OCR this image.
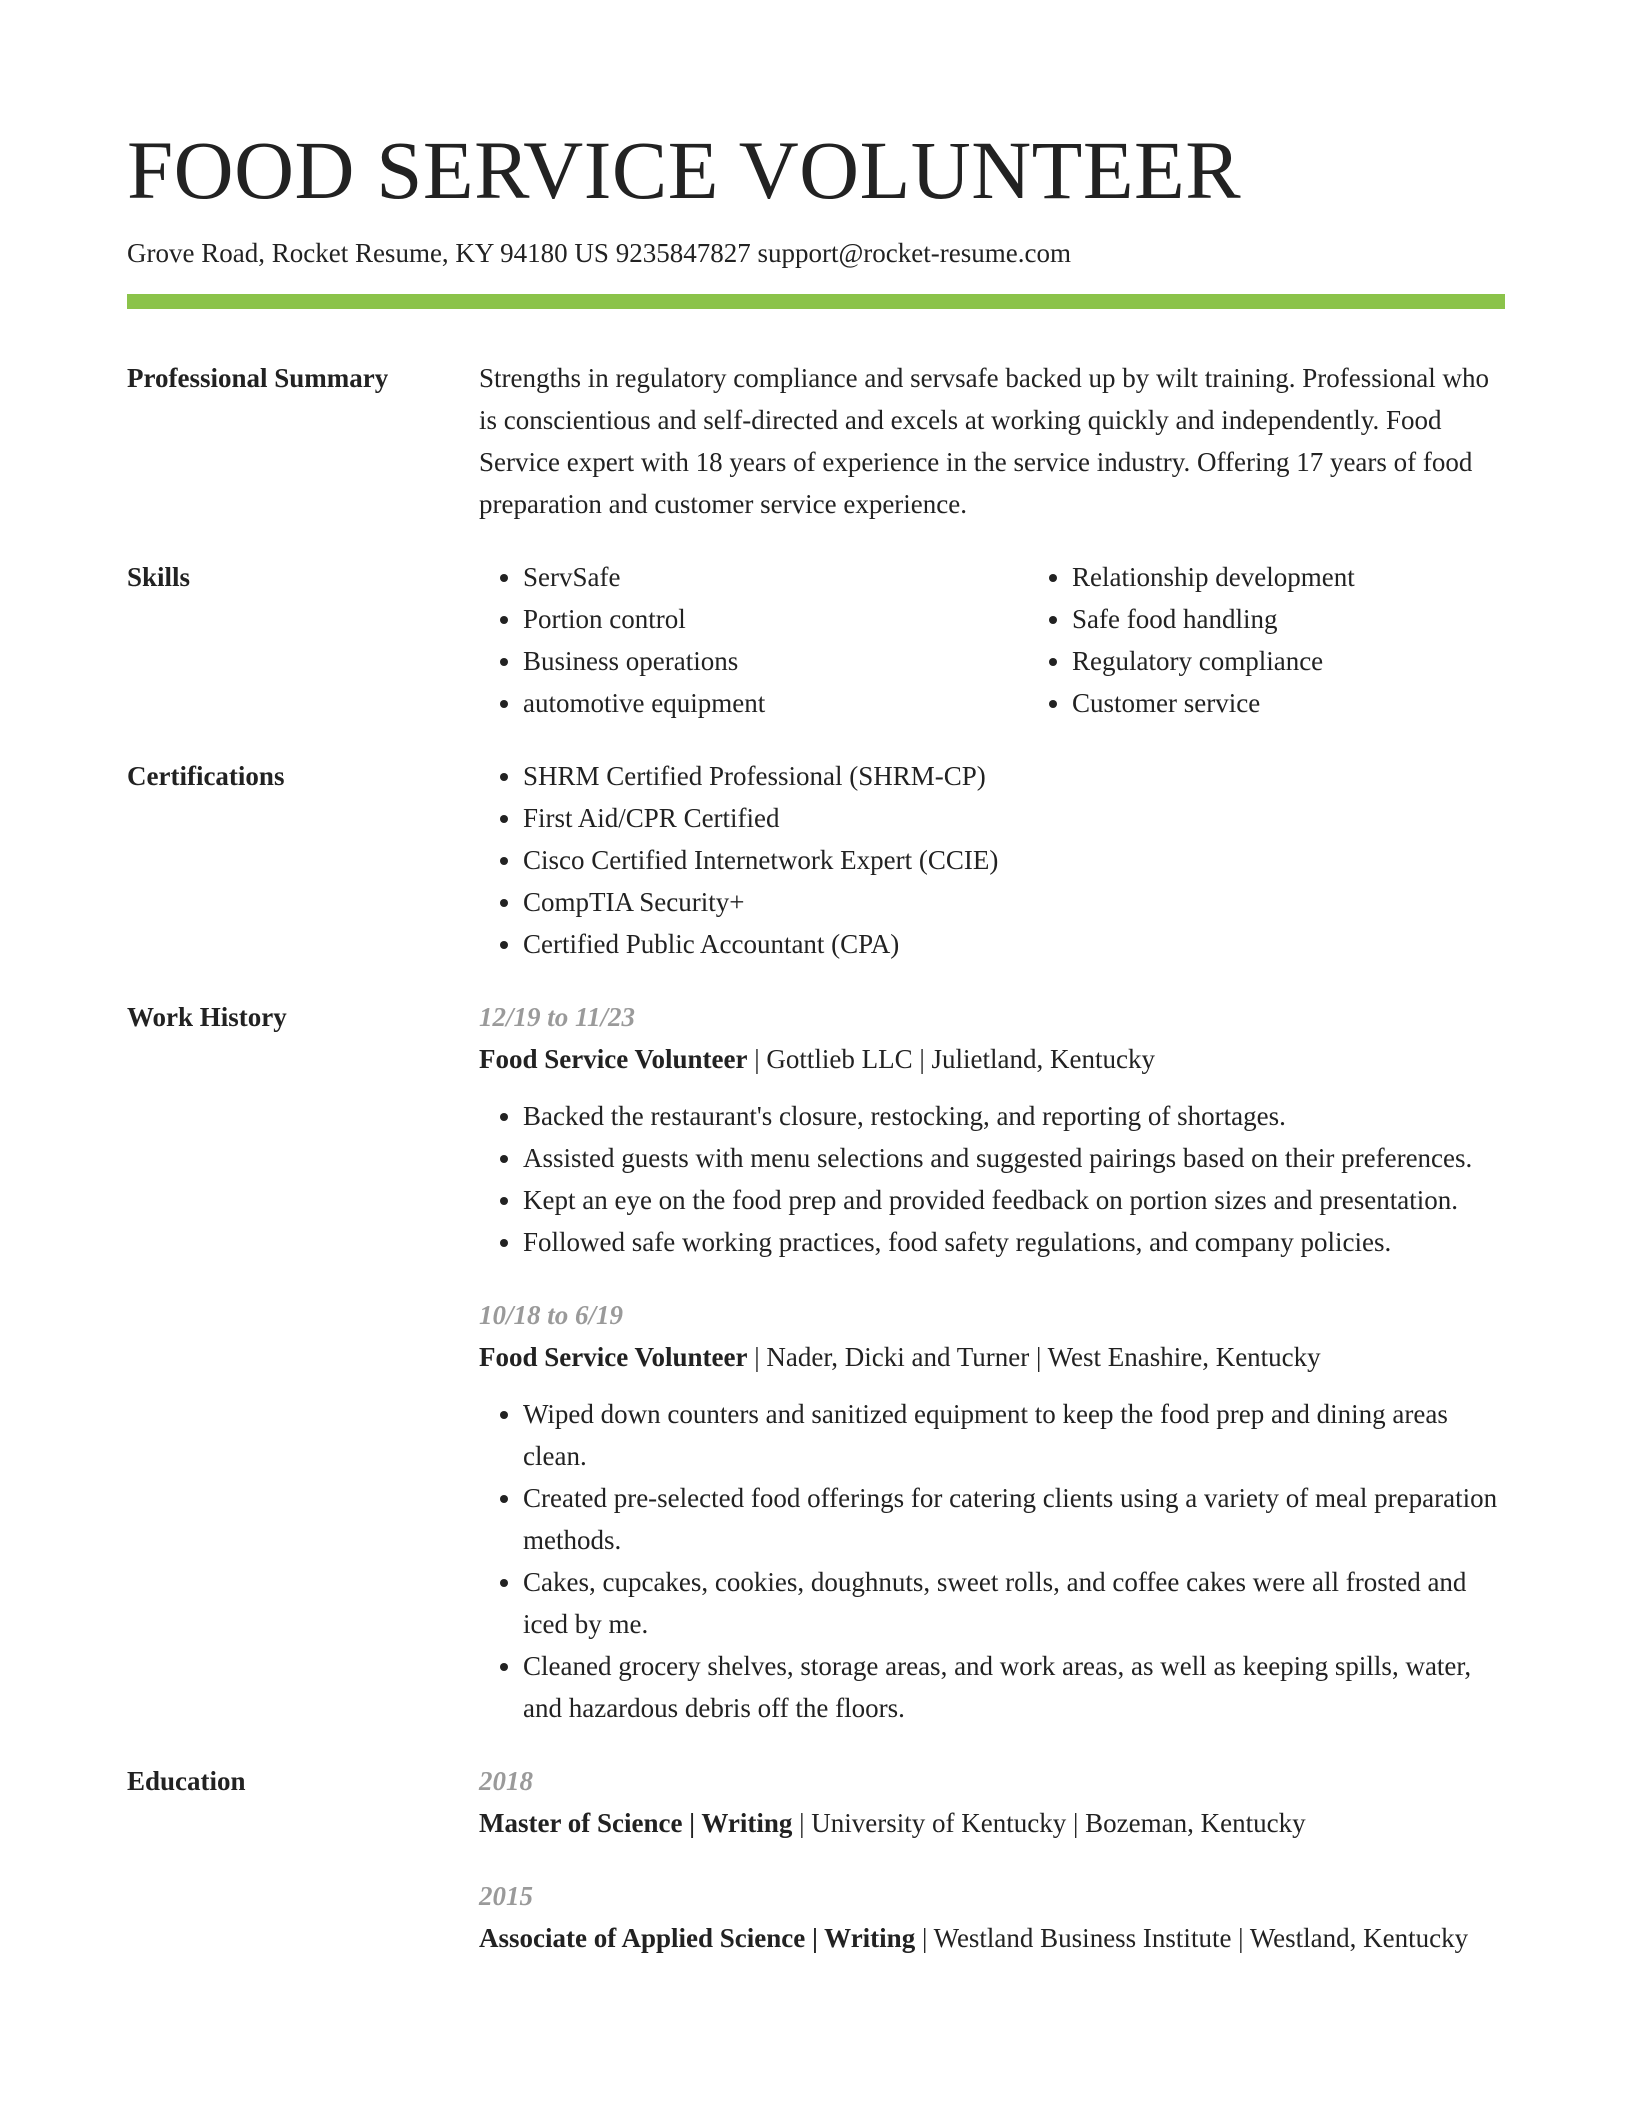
FOOD SERVICE VOLUNTEER
Grove Road, Rocket Resume, KY 94180 US 9235847827 support@rocket-resume.com
Professional Summary	Strengths in regulatory compliance and servsafe backed up by wilt training. Professional who is conscientious and self-directed and excels at working quickly and independently. Food Service expert with 18 years of experience in the service industry. Offering 17 years of food preparation and customer service experience.
Skills	• ServSafe
• Portion control
• Business operations
• automotive equipment
• Relationship development
• Safe food handling
• Regulatory compliance
• Customer service
Certifications	• SHRM Certified Professional (SHRM-CP)
• First Aid/CPR Certified
• Cisco Certified Internetwork Expert (CCIE)
• CompTIA Security+
• Certified Public Accountant (CPA)
Work History	12/19 to 11/23
Food Service Volunteer | Gottlieb LLC | Julietland, Kentucky
• Backed the restaurant's closure, restocking, and reporting of shortages.
• Assisted guests with menu selections and suggested pairings based on their preferences.
• Kept an eye on the food prep and provided feedback on portion sizes and presentation.
• Followed safe working practices, food safety regulations, and company policies.
10/18 to 6/19
Food Service Volunteer | Nader, Dicki and Turner | West Enashire, Kentucky
• Wiped down counters and sanitized equipment to keep the food prep and dining areas clean.
• Created pre-selected food offerings for catering clients using a variety of meal preparation methods.
• Cakes, cupcakes, cookies, doughnuts, sweet rolls, and coffee cakes were all frosted and iced by me.
• Cleaned grocery shelves, storage areas, and work areas, as well as keeping spills, water, and hazardous debris off the floors.
Education	2018
Master of Science | Writing | University of Kentucky | Bozeman, Kentucky
2015
Associate of Applied Science | Writing | Westland Business Institute | Westland, Kentucky
